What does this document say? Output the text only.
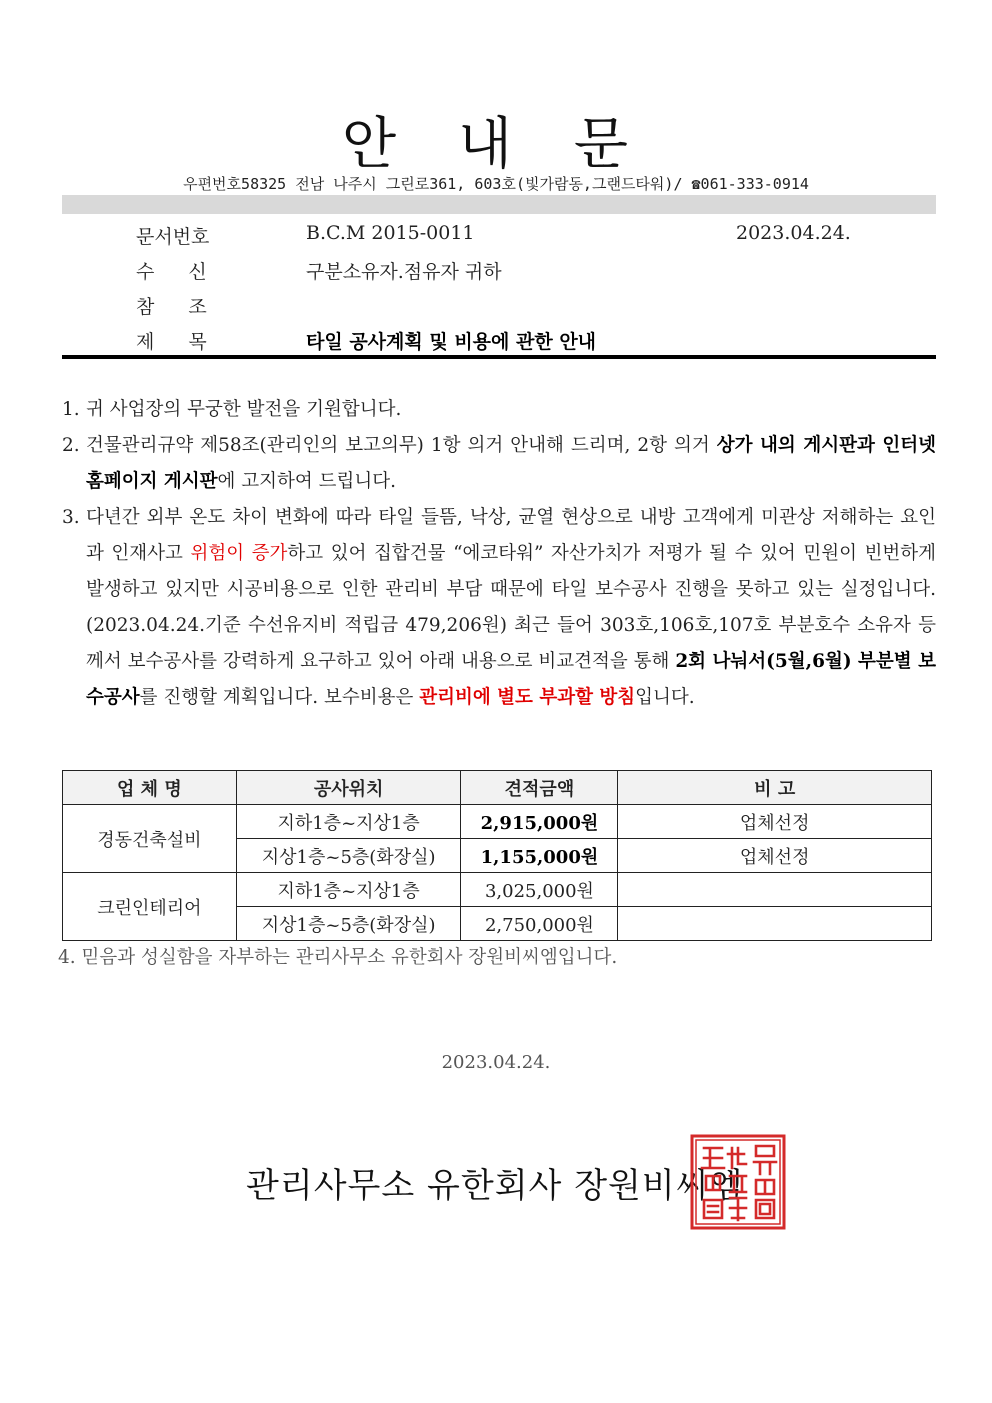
안 내 문
우편번호58325 전남 나주시 그린로361, 603호(빛가람동,그랜드타워)/ ☎061-333-0914
문서번호	B.C.M 2015-0011	2023.04.24.
수신	구분소유자.점유자 귀하
참조
제목	타일 공사계획 및 비용에 관한 안내
1. 귀 사업장의 무궁한 발전을 기원합니다.
2. 건물관리규약 제58조(관리인의 보고의무) 1항 의거 안내해 드리며, 2항 의거 상가 내의 게시판과 인터넷 홈페이지 게시판에 고지하여 드립니다.
3. 다년간 외부 온도 차이 변화에 따라 타일 들뜸, 낙상, 균열 현상으로 내방 고객에게 미관상 저해하는 요인과 인재사고 위험이 증가하고 있어 집합건물 “에코타워” 자산가치가 저평가 될 수 있어 민원이 빈번하게 발생하고 있지만 시공비용으로 인한 관리비 부담 때문에 타일 보수공사 진행을 못하고 있는 실정입니다.(2023.04.24.기준 수선유지비 적립금 479,206원) 최근 들어 303호,106호,107호 부분호수 소유자 등께서 보수공사를 강력하게 요구하고 있어 아래 내용으로 비교견적을 통해 2회 나눠서(5월,6월) 부분별 보수공사를 진행할 계획입니다. 보수비용은 관리비에 별도 부과할 방침입니다.
업 체 명	공사위치	견적금액	비 고
경동건축설비	지하1층~지상1층	2,915,000원	업체선정
	지상1층~5층(화장실)	1,155,000원	업체선정
크린인테리어	지하1층~지상1층	3,025,000원	
	지상1층~5층(화장실)	2,750,000원	
4. 믿음과 성실함을 자부하는 관리사무소 유한회사 장원비씨엠입니다.
2023.04.24.
관리사무소 유한회사 장원비씨엠
